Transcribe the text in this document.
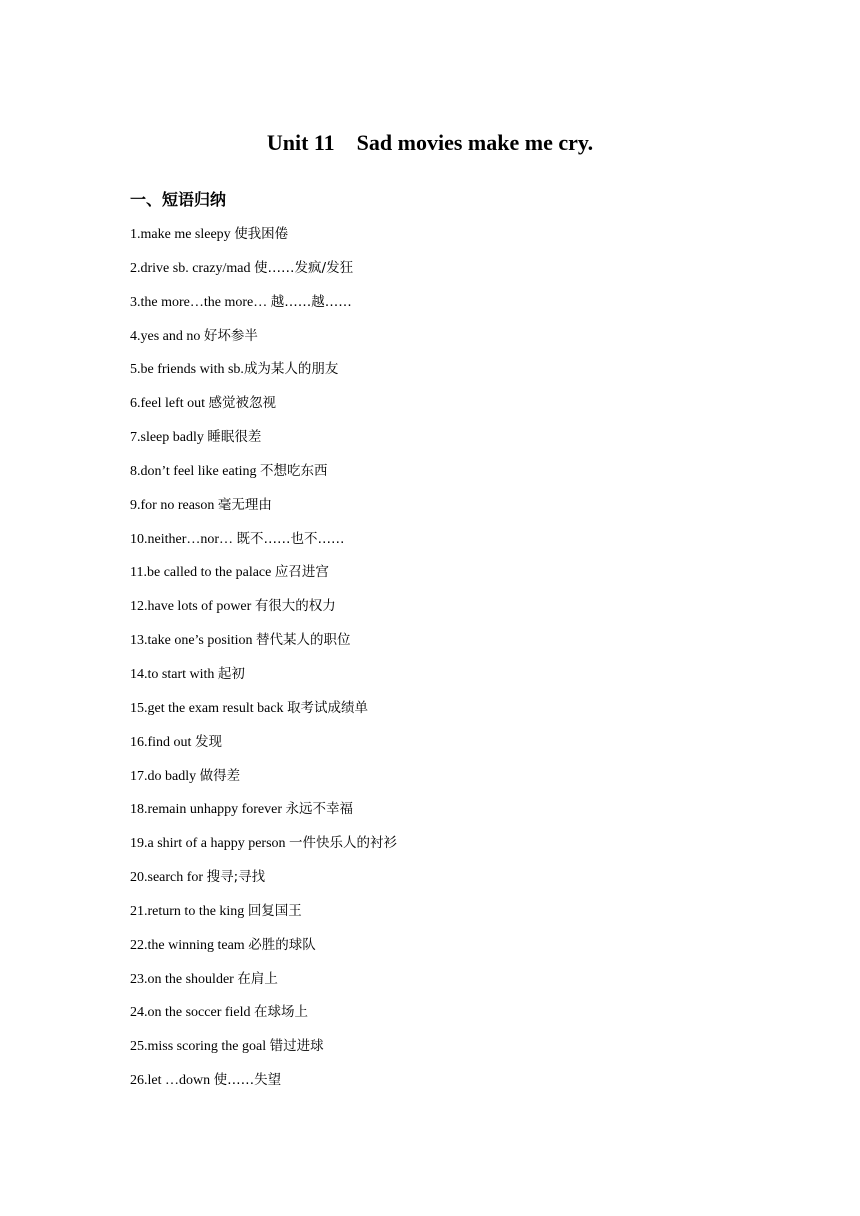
Unit 11    Sad movies make me cry.
一、短语归纳
1.make me sleepy 使我困倦
2.drive sb. crazy/mad 使……发疯/发狂
3.the more…the more… 越……越……
4.yes and no 好坏参半
5.be friends with sb.成为某人的朋友
6.feel left out 感觉被忽视
7.sleep badly 睡眠很差
8.don’t feel like eating 不想吃东西
9.for no reason 毫无理由
10.neither…nor… 既不……也不……
11.be called to the palace 应召进宫
12.have lots of power 有很大的权力
13.take one’s position 替代某人的职位
14.to start with 起初
15.get the exam result back 取考试成绩单
16.find out 发现
17.do badly 做得差
18.remain unhappy forever 永远不幸福
19.a shirt of a happy person 一件快乐人的衬衫
20.search for 搜寻;寻找
21.return to the king 回复国王
22.the winning team 必胜的球队
23.on the shoulder 在肩上
24.on the soccer field 在球场上
25.miss scoring the goal 错过进球
26.let …down 使……失望
